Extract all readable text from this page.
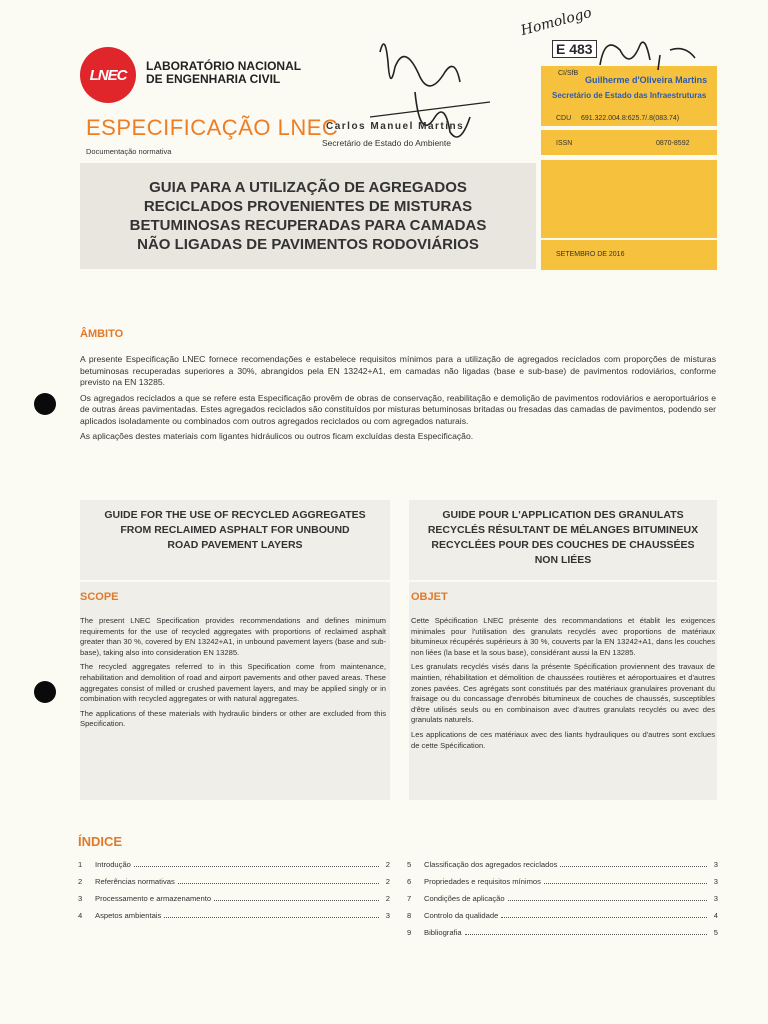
LNEC
LABORATÓRIO NACIONAL
DE ENGENHARIA CIVIL
ESPECIFICAÇÃO LNEC
Documentação normativa
GUIA PARA A UTILIZAÇÃO DE AGREGADOS
RECICLADOS PROVENIENTES DE MISTURAS
BETUMINOSAS RECUPERADAS PARA CAMADAS
NÃO LIGADAS DE PAVIMENTOS RODOVIÁRIOS
CI/SfB
CDU 691.322.004.8:625.7/.8(083.74)
ISSN	0870-8592
SETEMBRO DE 2016
E 483
Homologo
Carlos Manuel Martins
Secretário de Estado do Ambiente
Guilherme d'Oliveira Martins
Secretário de Estado das Infraestruturas
ÂMBITO

A presente Especificação LNEC fornece recomendações e estabelece requisitos mínimos para a utilização de agregados reciclados com proporções de misturas betuminosas recuperadas superiores a 30%, abrangidos pela EN 13242+A1, em camadas não ligadas (base e sub-base) de pavimentos rodoviários, conforme previsto na EN 13285.

Os agregados reciclados a que se refere esta Especificação provêm de obras de conservação, reabilitação e demolição de pavimentos rodoviários e aeroportuários e de outras áreas pavimentadas. Estes agregados reciclados são constituídos por misturas betuminosas britadas ou fresadas das camadas de pavimentos, podendo ser aplicados isoladamente ou combinados com outros agregados reciclados ou com agregados naturais.

As aplicações destes materiais com ligantes hidráulicos ou outros ficam excluídas desta Especificação.

GUIDE FOR THE USE OF RECYCLED AGGREGATES
FROM RECLAIMED ASPHALT FOR UNBOUND
ROAD PAVEMENT LAYERS
SCOPE

The present LNEC Specification provides recommendations and defines minimum requirements for the use of recycled aggregates with proportions of reclaimed asphalt greater than 30 %, covered by EN 13242+A1, in unbound pavement layers (base and sub-base), taking also into consideration EN 13285.

The recycled aggregates referred to in this Specification come from maintenance, rehabilitation and demolition of road and airport pavements and other paved areas. These aggregates consist of milled or crushed pavement layers, and may be applied singly or in combination with recycled aggregates or with natural aggregates.

The applications of these materials with hydraulic binders or other are excluded from this Specification.

GUIDE POUR L'APPLICATION DES GRANULATS
RECYCLÉS RÉSULTANT DE MÉLANGES BITUMINEUX
RECYCLÉES POUR DES COUCHES DE CHAUSSÉES
NON LIÉES
OBJET

Cette Spécification LNEC présente des recommandations et établit les exigences minimales pour l'utilisation des granulats recyclés avec proportions de matériaux bitumineux récupérés supérieurs à 30 %, couverts par la EN 13242+A1, dans les couches non liées (la base et la sous base), considérant aussi la EN 13285.

Les granulats recyclés visés dans la présente Spécification proviennent des travaux de maintien, réhabilitation et démolition de chaussées routières et aéroportuaires et d'autres zones pavées. Ces agrégats sont constitués par des matériaux granulaires provenant du fraisage ou du concassage d'enrobés bitumineux de couches de chaussés, susceptibles d'être utilisés seuls ou en combinaison avec d'autres granulats recyclés ou avec des granulats naturels.

Les applications de ces matériaux avec des liants hydrauliques ou d'autres sont exclues de cette Spécification.

ÍNDICE
1	Introdução	2
2	Referências normativas	2
3	Processamento e armazenamento	2
4	Aspetos ambientais	3
5	Classificação dos agregados reciclados	3
6	Propriedades e requisitos mínimos	3
7	Condições de aplicação	3
8	Controlo da qualidade	4
9	Bibliografia	5
